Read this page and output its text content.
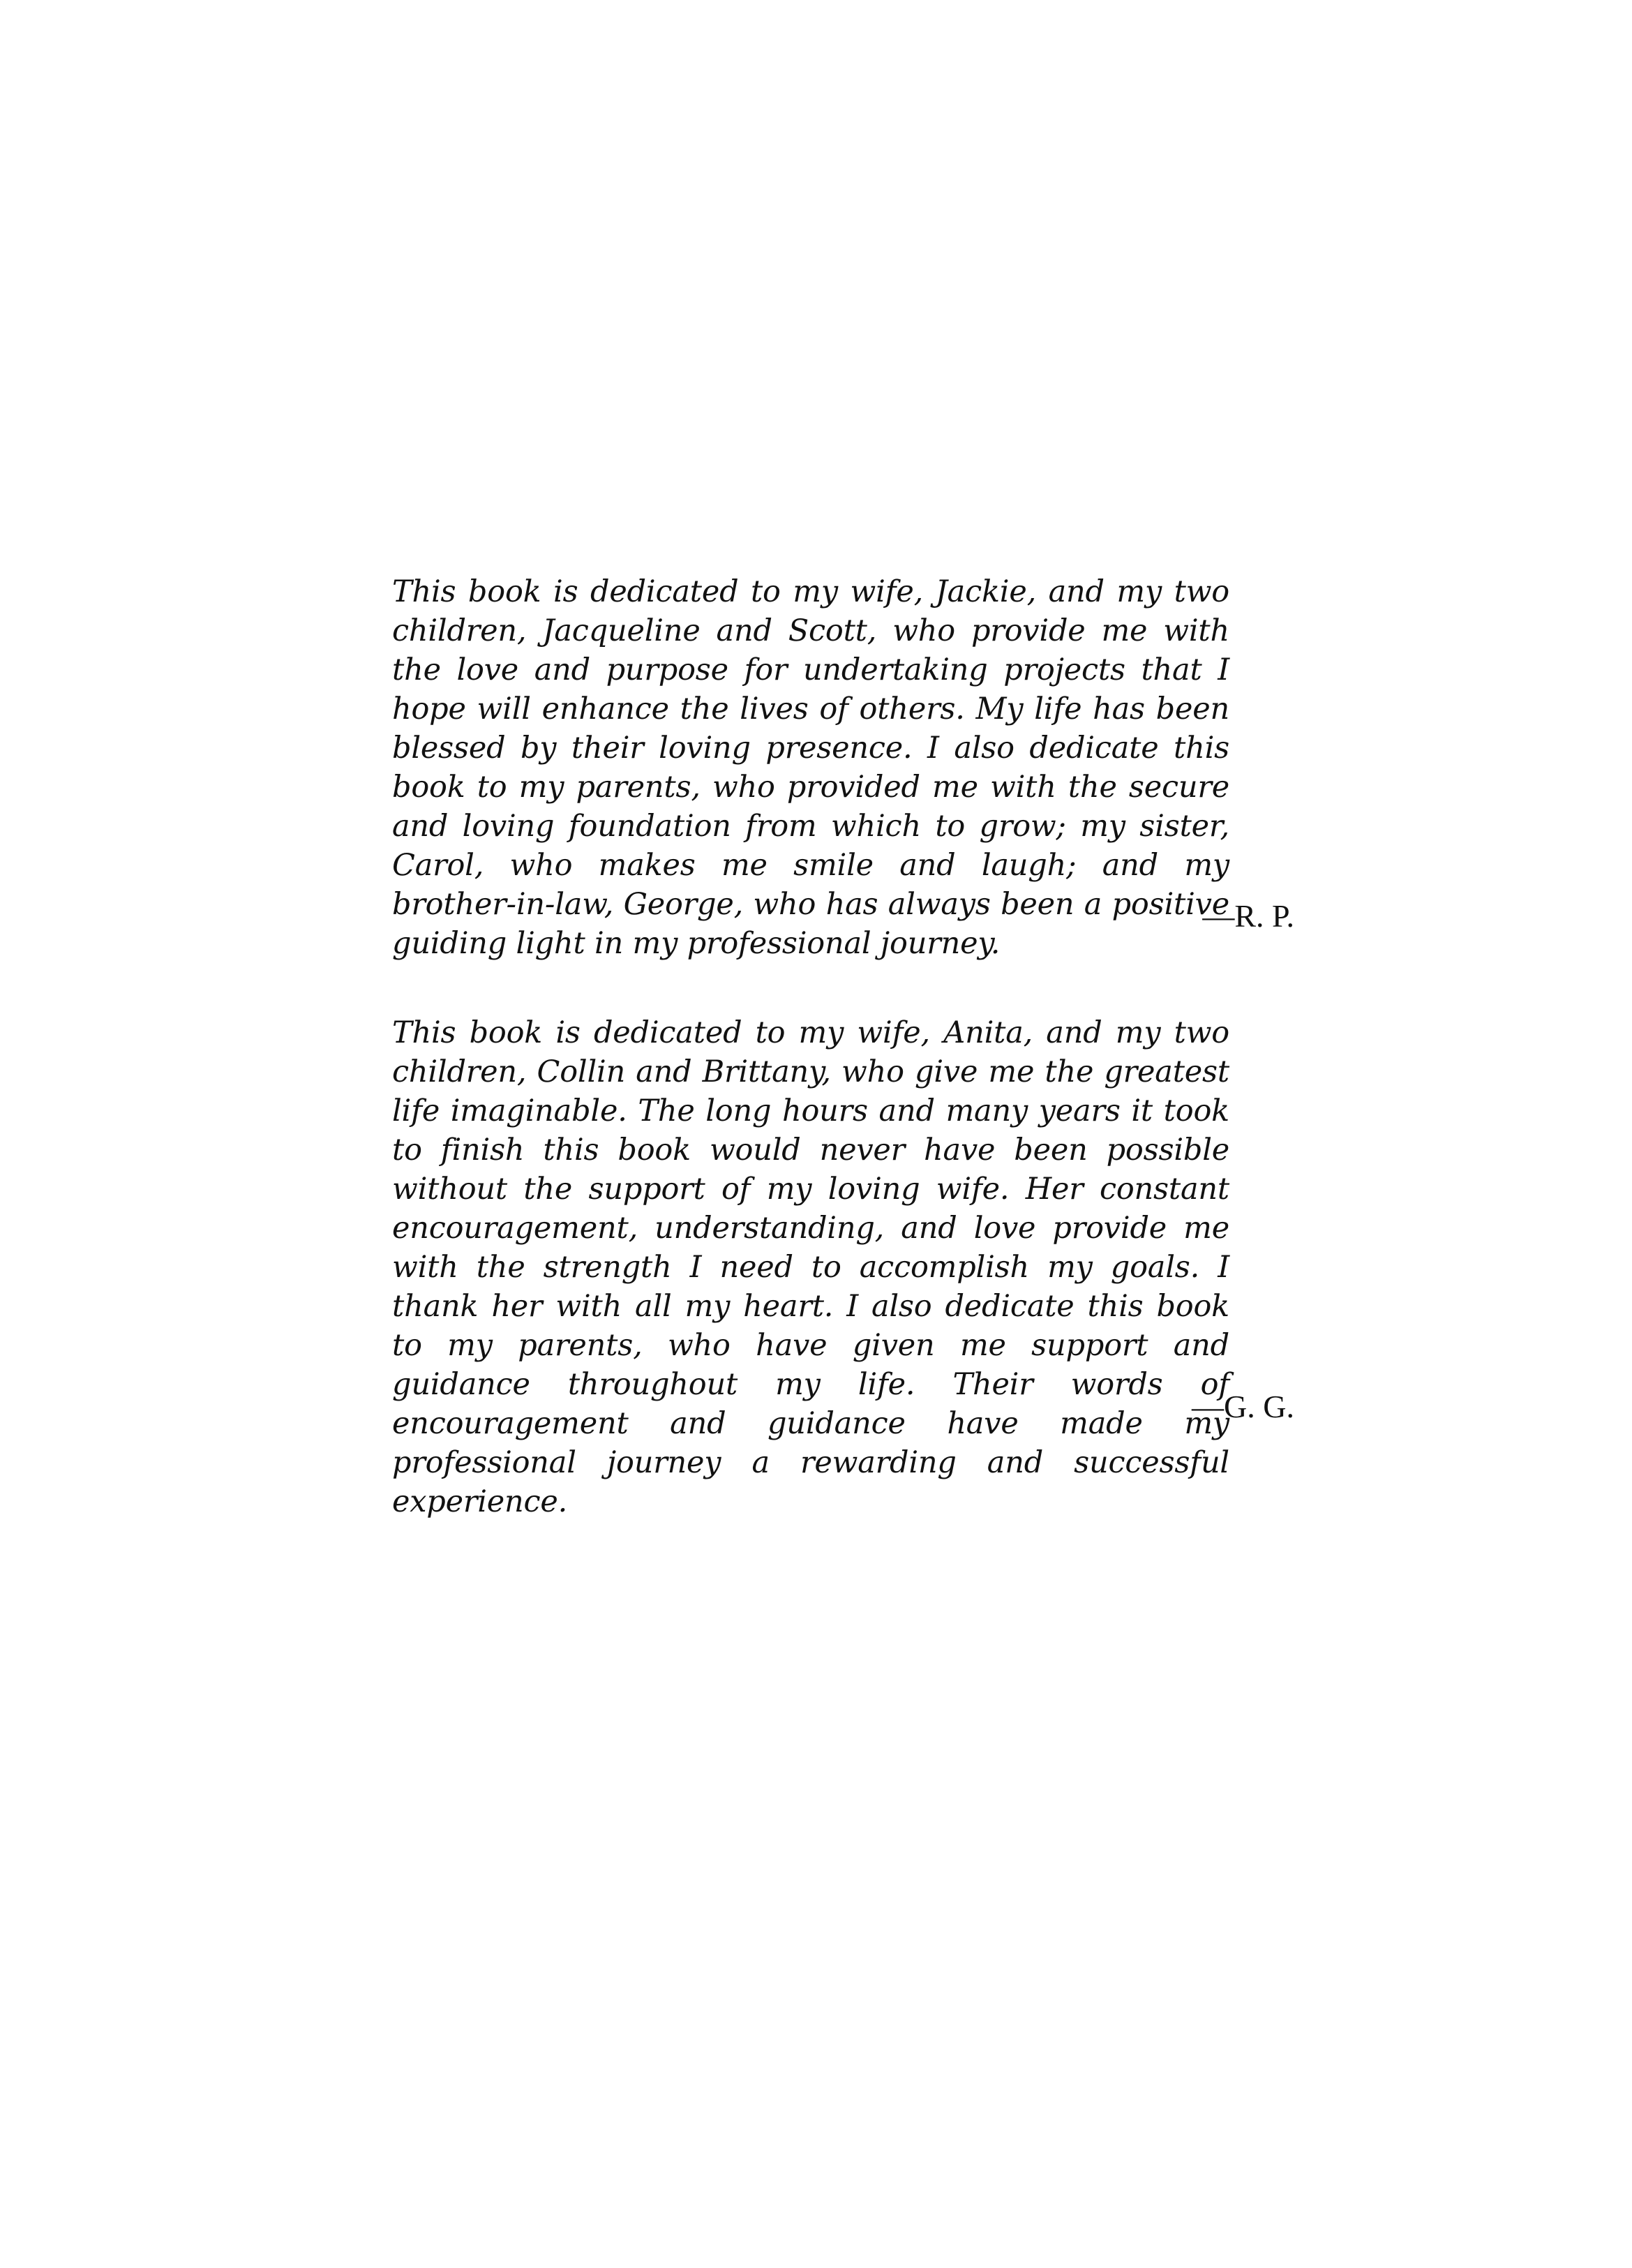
This book is dedicated to my wife, Jackie, and my two children, Jacqueline and Scott, who provide me with the love and purpose for undertaking projects that I hope will enhance the lives of others. My life has been blessed by their loving presence. I also dedicate this book to my parents, who provided me with the secure and loving foundation from which to grow; my sister, Carol, who makes me smile and laugh; and my brother-in-law, George, who has always been a positive guiding light in my professional journey.

—R. P.

This book is dedicated to my wife, Anita, and my two children, Collin and Brittany, who give me the greatest life imaginable. The long hours and many years it took to finish this book would never have been possible without the support of my loving wife. Her constant encouragement, understanding, and love provide me with the strength I need to accomplish my goals. I thank her with all my heart. I also dedicate this book to my parents, who have given me support and guidance throughout my life. Their words of encouragement and guidance have made my professional journey a rewarding and successful experience.

—G. G.
